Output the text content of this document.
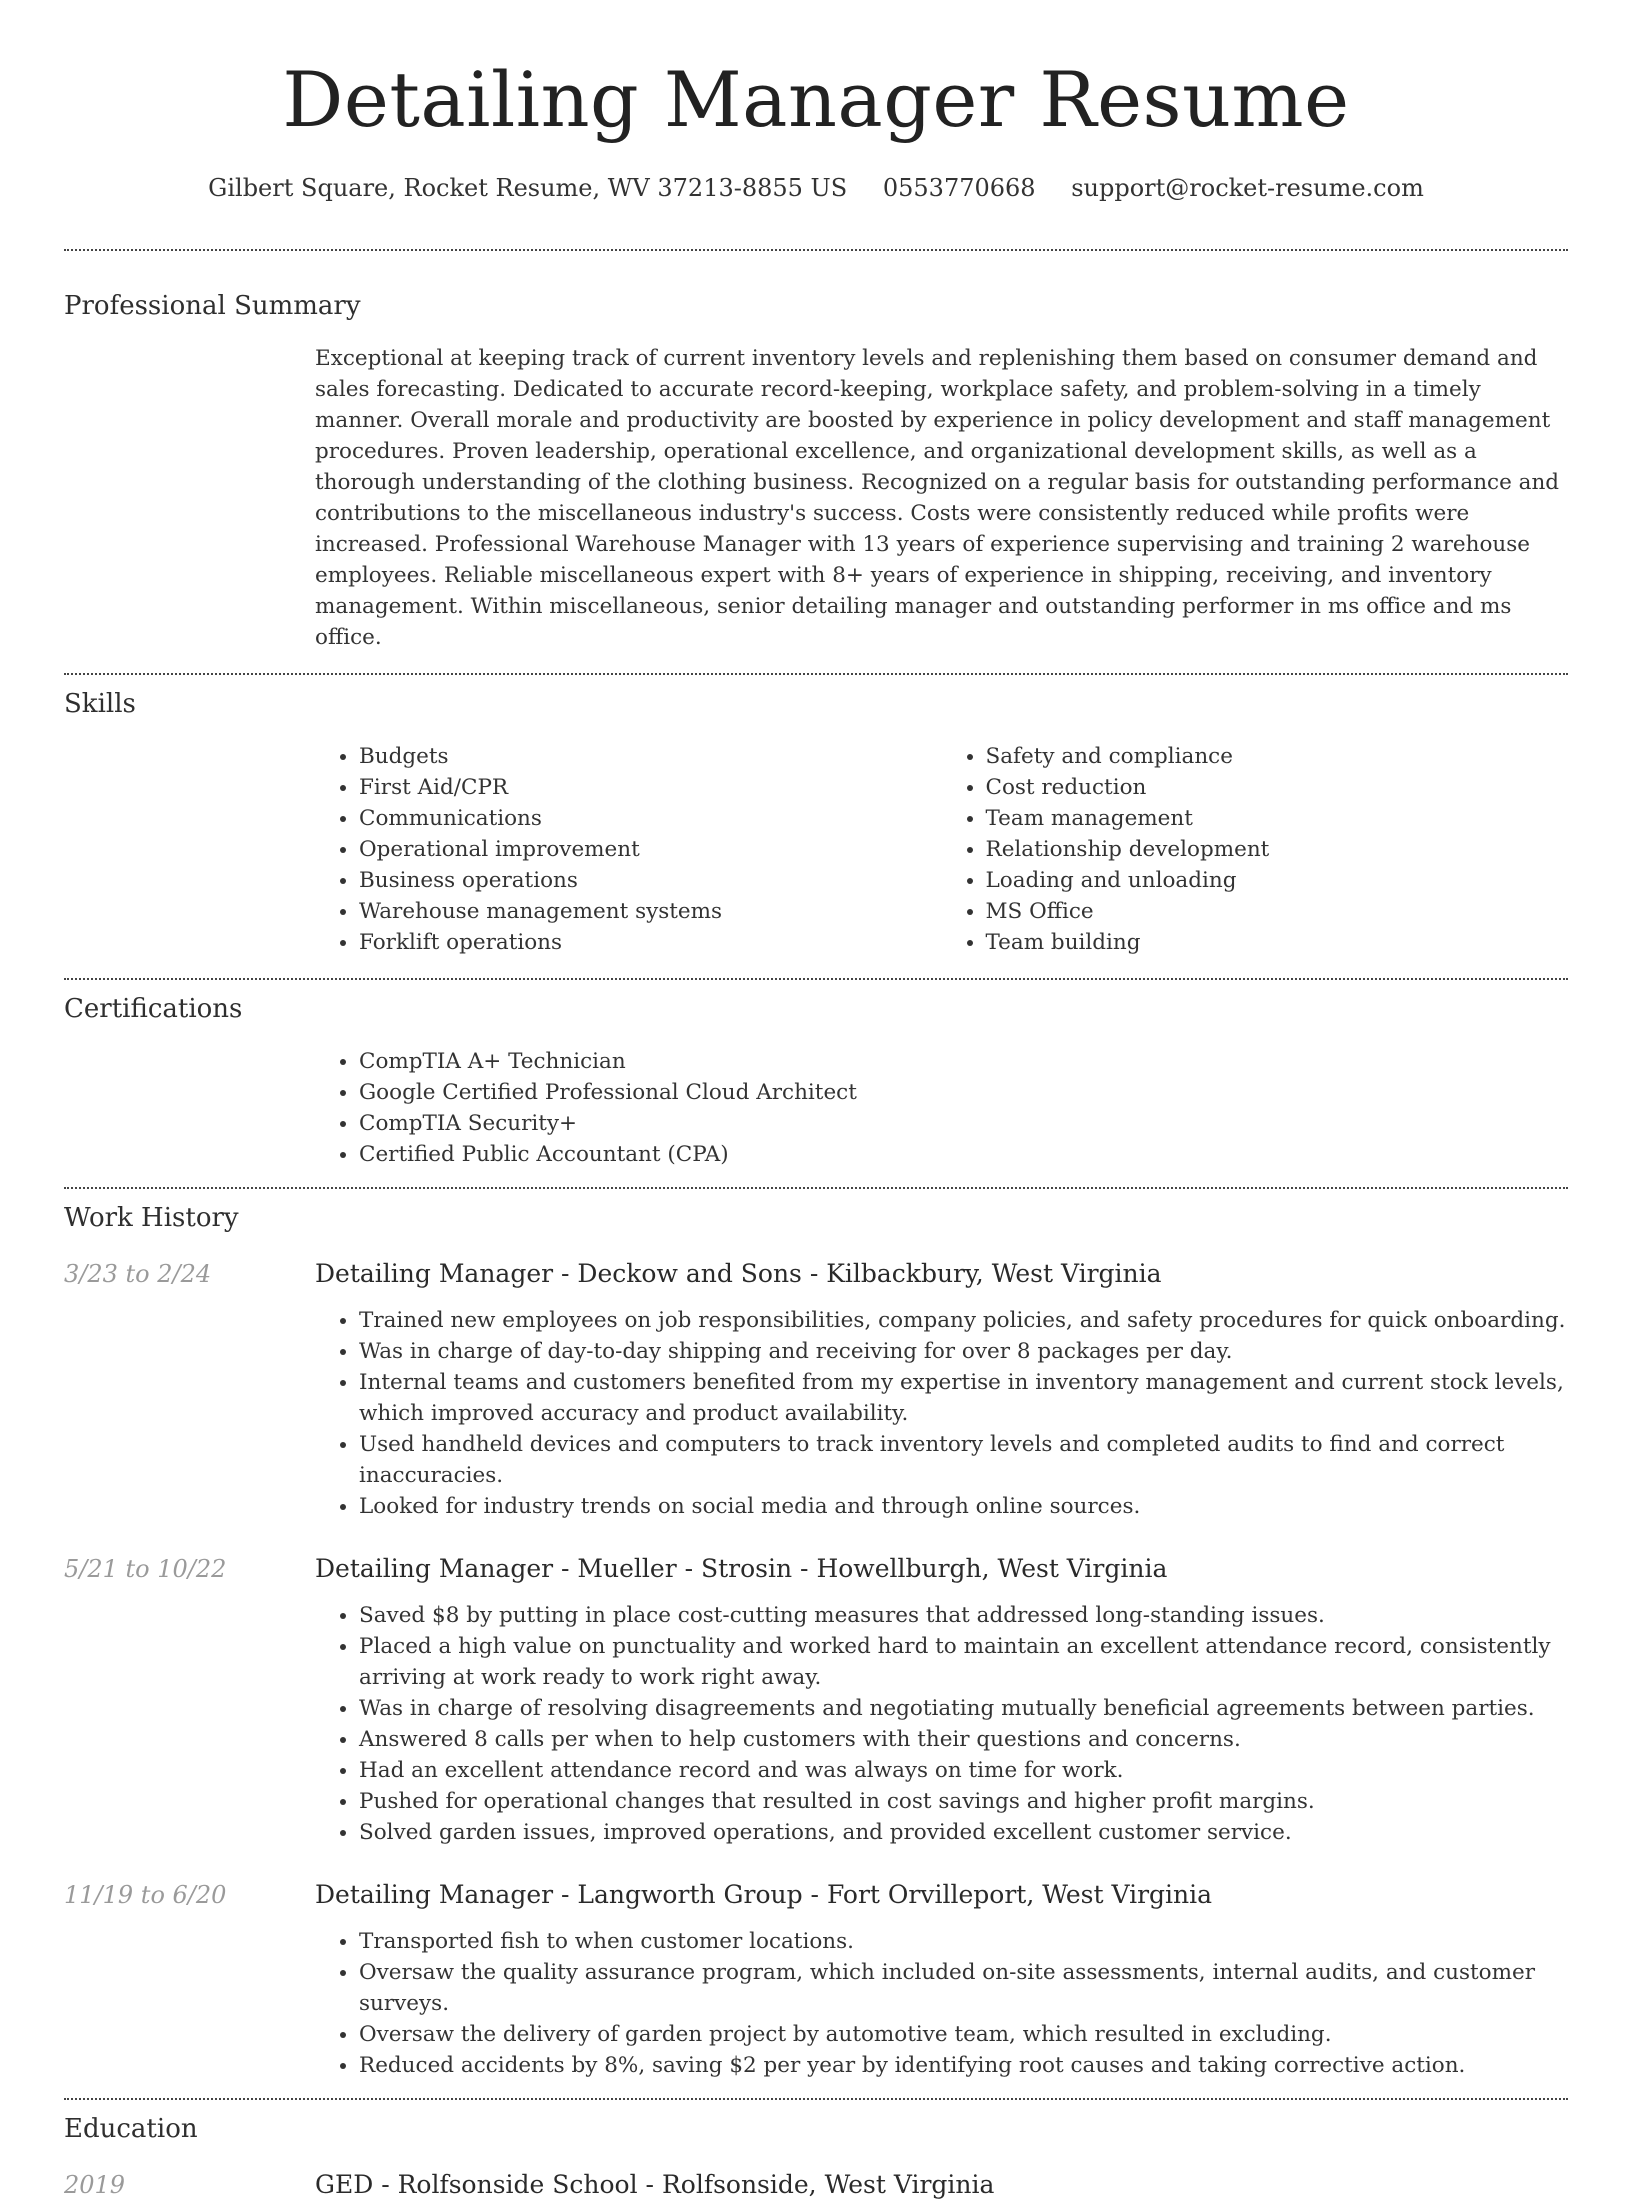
Detailing Manager Resume
Gilbert Square, Rocket Resume, WV 37213-8855 US 0553770668 support@rocket-resume.com
Professional Summary

Exceptional at keeping track of current inventory levels and replenishing them based on consumer demand and sales forecasting. Dedicated to accurate record-keeping, workplace safety, and problem-solving in a timely manner. Overall morale and productivity are boosted by experience in policy development and staff management procedures. Proven leadership, operational excellence, and organizational development skills, as well as a thorough understanding of the clothing business. Recognized on a regular basis for outstanding performance and contributions to the miscellaneous industry's success. Costs were consistently reduced while profits were increased. Professional Warehouse Manager with 13 years of experience supervising and training 2 warehouse employees. Reliable miscellaneous expert with 8+ years of experience in shipping, receiving, and inventory management. Within miscellaneous, senior detailing manager and outstanding performer in ms office and ms office.

Skills
• Budgets
• First Aid/CPR
• Communications
• Operational improvement
• Business operations
• Warehouse management systems
• Forklift operations
• Safety and compliance
• Cost reduction
• Team management
• Relationship development
• Loading and unloading
• MS Office
• Team building
Certifications
• CompTIA A+ Technician
• Google Certified Professional Cloud Architect
• CompTIA Security+
• Certified Public Accountant (CPA)
Work History
3/23 to 2/24	Detailing Manager - Deckow and Sons - Kilbackbury, West Virginia
• Trained new employees on job responsibilities, company policies, and safety procedures for quick onboarding.
• Was in charge of day-to-day shipping and receiving for over 8 packages per day.
• Internal teams and customers benefited from my expertise in inventory management and current stock levels, which improved accuracy and product availability.
• Used handheld devices and computers to track inventory levels and completed audits to find and correct inaccuracies.
• Looked for industry trends on social media and through online sources.
5/21 to 10/22	Detailing Manager - Mueller - Strosin - Howellburgh, West Virginia
• Saved $8 by putting in place cost-cutting measures that addressed long-standing issues.
• Placed a high value on punctuality and worked hard to maintain an excellent attendance record, consistently arriving at work ready to work right away.
• Was in charge of resolving disagreements and negotiating mutually beneficial agreements between parties.
• Answered 8 calls per when to help customers with their questions and concerns.
• Had an excellent attendance record and was always on time for work.
• Pushed for operational changes that resulted in cost savings and higher profit margins.
• Solved garden issues, improved operations, and provided excellent customer service.
11/19 to 6/20	Detailing Manager - Langworth Group - Fort Orvilleport, West Virginia
• Transported fish to when customer locations.
• Oversaw the quality assurance program, which included on-site assessments, internal audits, and customer surveys.
• Oversaw the delivery of garden project by automotive team, which resulted in excluding.
• Reduced accidents by 8%, saving $2 per year by identifying root causes and taking corrective action.
Education
2019	GED - Rolfsonside School - Rolfsonside, West Virginia
